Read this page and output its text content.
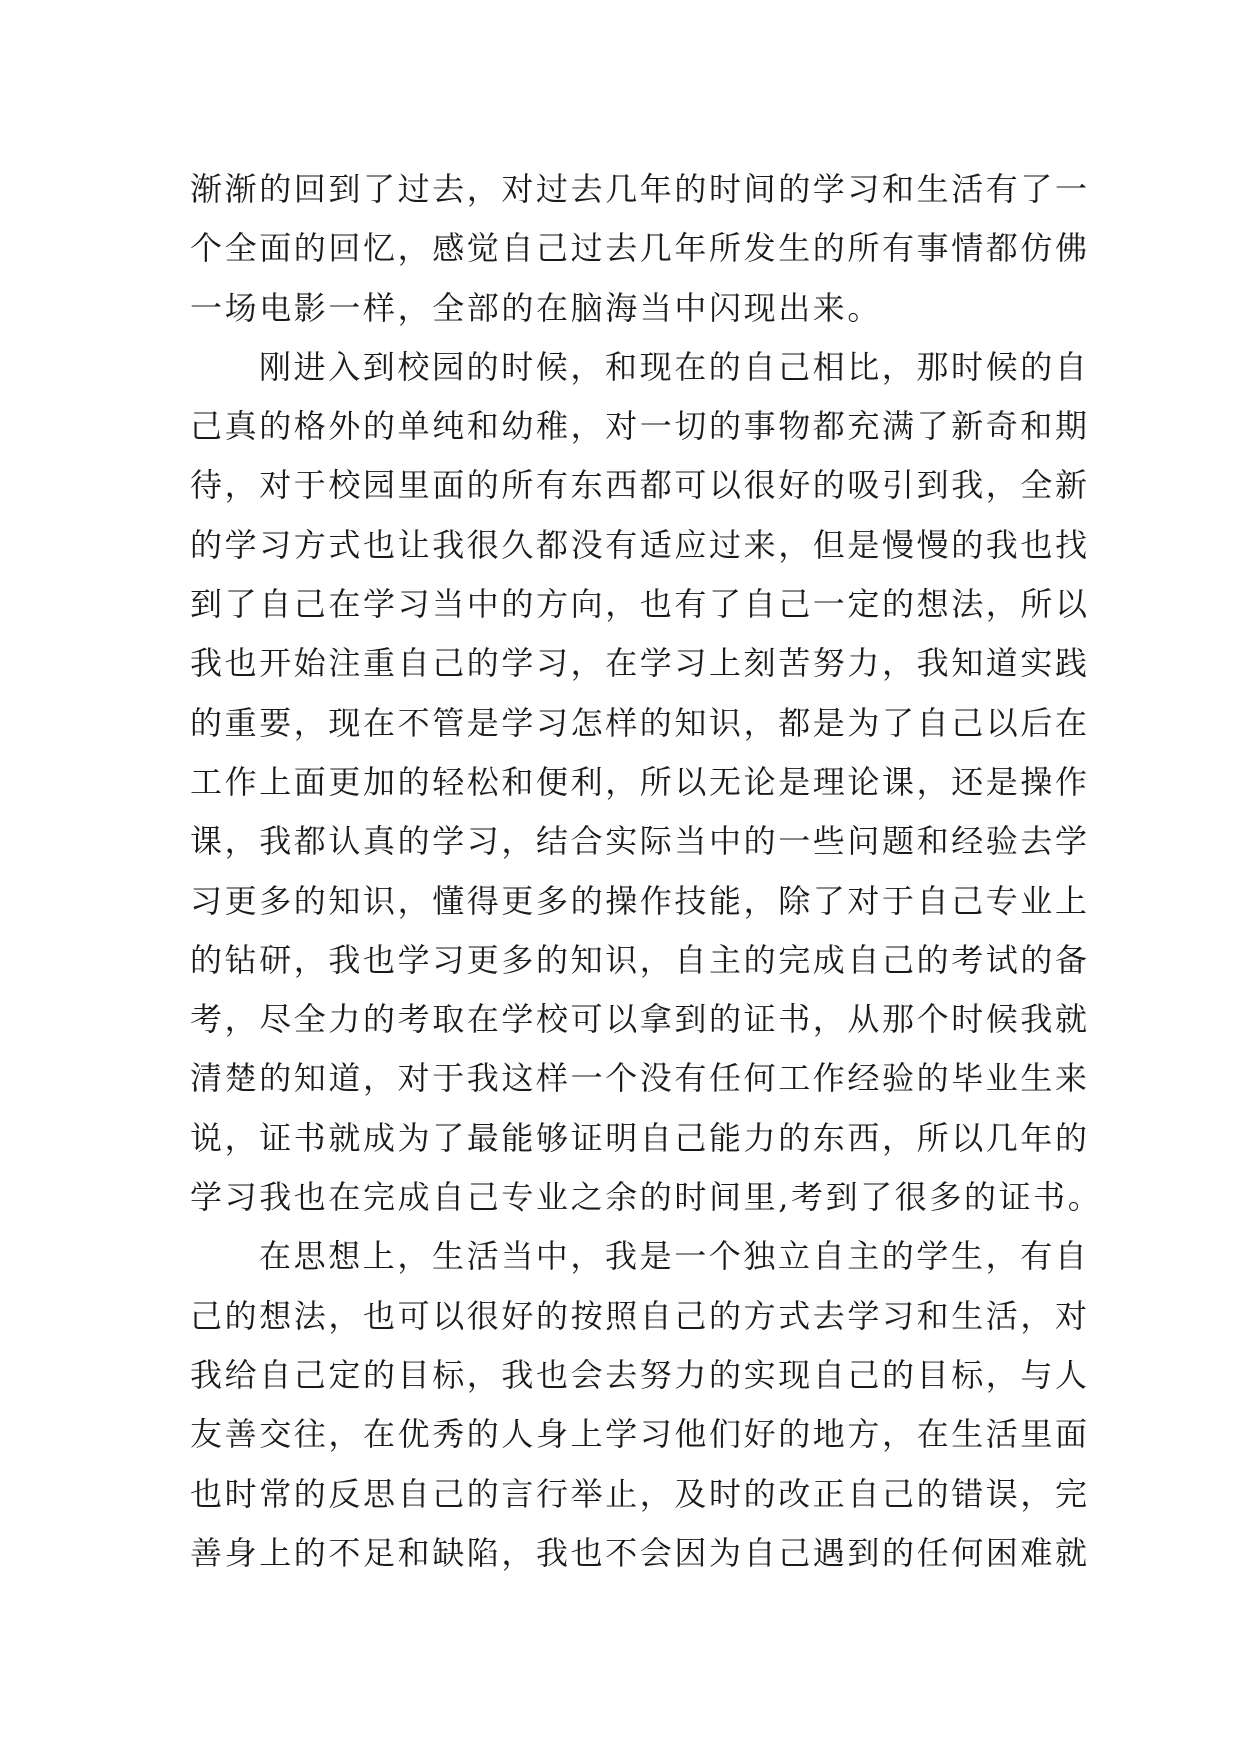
渐渐的回到了过去，对过去几年的时间的学习和生活有了一
个全面的回忆，感觉自己过去几年所发生的所有事情都仿佛
一场电影一样，全部的在脑海当中闪现出来。

刚进入到校园的时候，和现在的自己相比，那时候的自
己真的格外的单纯和幼稚，对一切的事物都充满了新奇和期
待，对于校园里面的所有东西都可以很好的吸引到我，全新
的学习方式也让我很久都没有适应过来，但是慢慢的我也找
到了自己在学习当中的方向，也有了自己一定的想法，所以
我也开始注重自己的学习，在学习上刻苦努力，我知道实践
的重要，现在不管是学习怎样的知识，都是为了自己以后在
工作上面更加的轻松和便利，所以无论是理论课，还是操作
课，我都认真的学习，结合实际当中的一些问题和经验去学
习更多的知识，懂得更多的操作技能，除了对于自己专业上
的钻研，我也学习更多的知识，自主的完成自己的考试的备
考，尽全力的考取在学校可以拿到的证书，从那个时候我就
清楚的知道，对于我这样一个没有任何工作经验的毕业生来
说，证书就成为了最能够证明自己能力的东西，所以几年的
学习我也在完成自己专业之余的时间里,考到了很多的证书。

在思想上，生活当中，我是一个独立自主的学生，有自
己的想法，也可以很好的按照自己的方式去学习和生活，对
我给自己定的目标，我也会去努力的实现自己的目标，与人
友善交往，在优秀的人身上学习他们好的地方，在生活里面
也时常的反思自己的言行举止，及时的改正自己的错误，完
善身上的不足和缺陷，我也不会因为自己遇到的任何困难就
